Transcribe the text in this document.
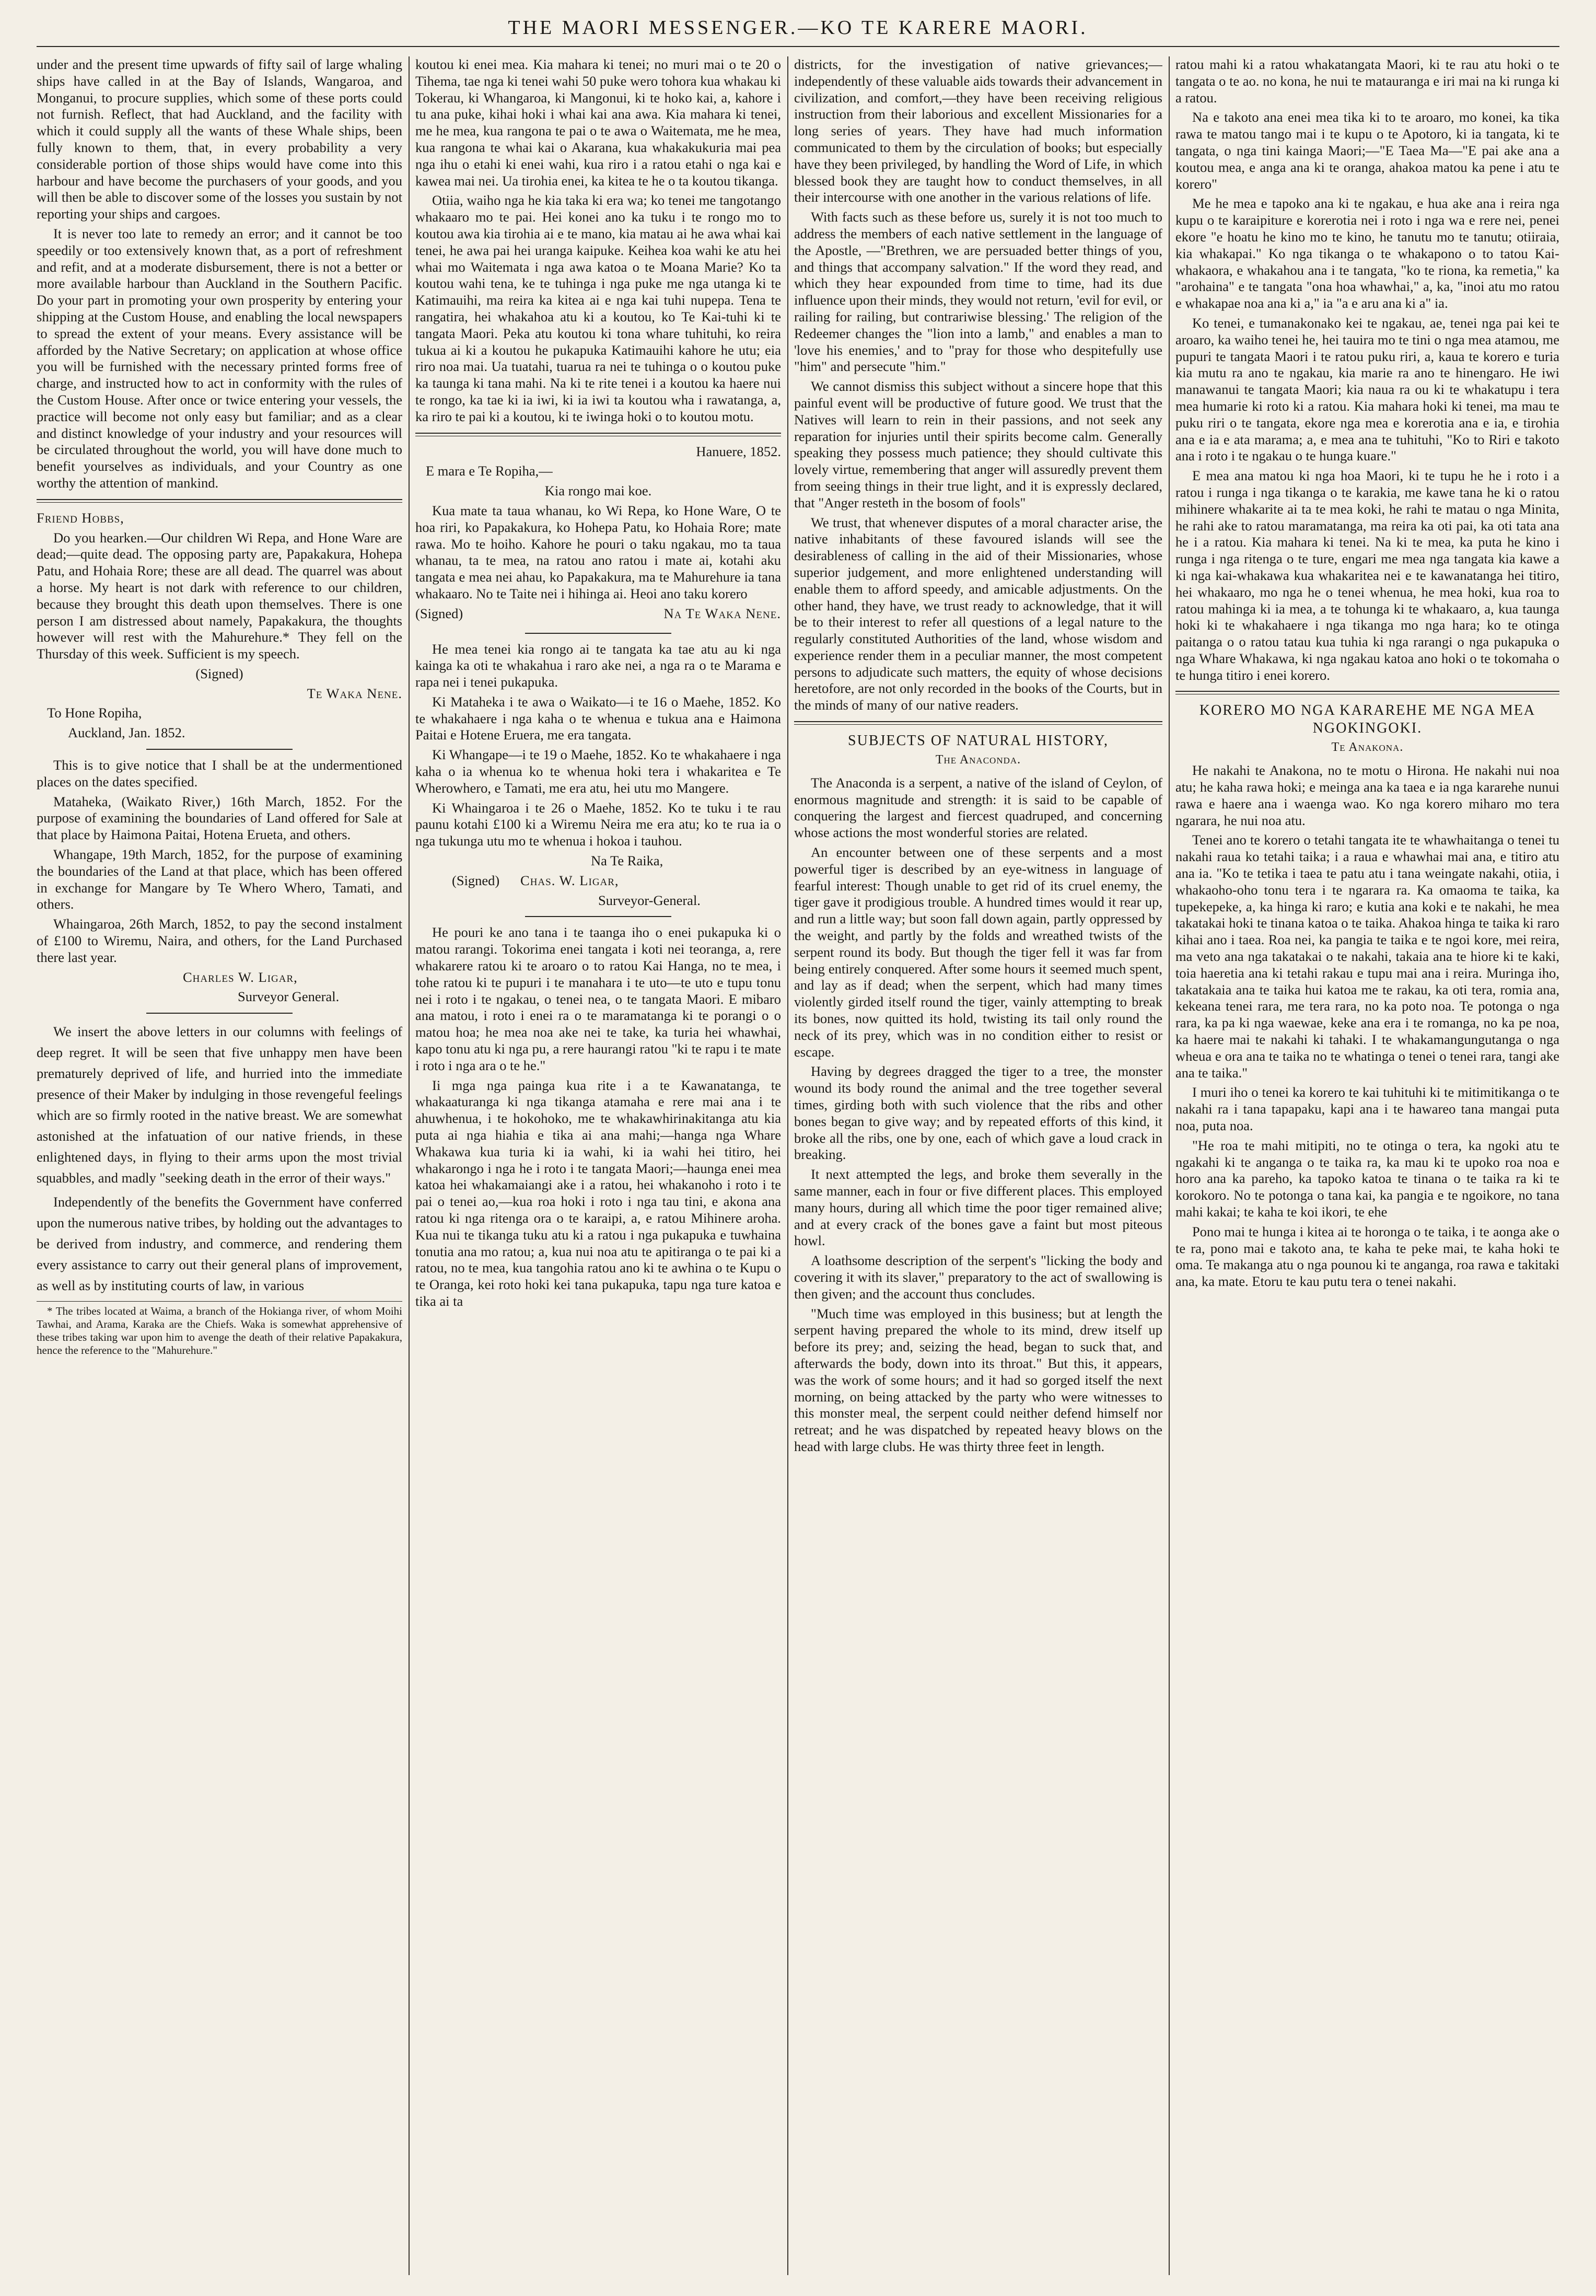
THE MAORI MESSENGER.—KO TE KARERE MAORI.

under and the present time upwards of fifty sail of large whaling ships have called in at the Bay of Islands, Wangaroa, and Monganui, to procure supplies, which some of these ports could not furnish. Reflect, that had Auckland, and the facility with which it could supply all the wants of these Whale ships, been fully known to them, that, in every probability a very considerable portion of those ships would have come into this harbour and have become the purchasers of your goods, and you will then be able to discover some of the losses you sustain by not reporting your ships and cargoes.

It is never too late to remedy an error; and it cannot be too speedily or too extensively known that, as a port of refreshment and refit, and at a moderate disbursement, there is not a better or more available harbour than Auckland in the Southern Pacific. Do your part in promoting your own prosperity by entering your shipping at the Custom House, and enabling the local newspapers to spread the extent of your means. Every assistance will be afforded by the Native Secretary; on application at whose office you will be furnished with the necessary printed forms free of charge, and instructed how to act in conformity with the rules of the Custom House. After once or twice entering your vessels, the practice will become not only easy but familiar; and as a clear and distinct knowledge of your industry and your resources will be circulated throughout the world, you will have done much to benefit yourselves as individuals, and your Country as one worthy the attention of mankind.

Friend Hobbs,

Do you hearken.—Our children Wi Repa, and Hone Ware are dead;—quite dead. The opposing party are, Papakakura, Hohepa Patu, and Hohaia Rore; these are all dead. The quarrel was about a horse. My heart is not dark with reference to our children, because they brought this death upon themselves. There is one person I am distressed about namely, Papakakura, the thoughts however will rest with the Mahurehure.* They fell on the Thursday of this week. Sufficient is my speech.

(Signed)

Te Waka Nene.

To Hone Ropiha,

Auckland, Jan. 1852.

This is to give notice that I shall be at the undermentioned places on the dates specified.

Mataheka, (Waikato River,) 16th March, 1852. For the purpose of examining the boundaries of Land offered for Sale at that place by Haimona Paitai, Hotena Erueta, and others.

Whangape, 19th March, 1852, for the purpose of examining the boundaries of the Land at that place, which has been offered in exchange for Mangare by Te Whero Whero, Tamati, and others.

Whaingaroa, 26th March, 1852, to pay the second instalment of £100 to Wiremu, Naira, and others, for the Land Purchased there last year.

Charles W. Ligar,

Surveyor General.

We insert the above letters in our columns with feelings of deep regret. It will be seen that five unhappy men have been prematurely deprived of life, and hurried into the immediate presence of their Maker by indulging in those revengeful feelings which are so firmly rooted in the native breast. We are somewhat astonished at the infatuation of our native friends, in these enlightened days, in flying to their arms upon the most trivial squabbles, and madly "seeking death in the error of their ways."

Independently of the benefits the Government have conferred upon the numerous native tribes, by holding out the advantages to be derived from industry, and commerce, and rendering them every assistance to carry out their general plans of improvement, as well as by instituting courts of law, in various

* The tribes located at Waima, a branch of the Hokianga river, of whom Moihi Tawhai, and Arama, Karaka are the Chiefs. Waka is somewhat apprehensive of these tribes taking war upon him to avenge the death of their relative Papakakura, hence the reference to the "Mahurehure."

koutou ki enei mea. Kia mahara ki tenei; no muri mai o te 20 o Tihema, tae nga ki tenei wahi 50 puke wero tohora kua whakau ki Tokerau, ki Whangaroa, ki Mangonui, ki te hoko kai, a, kahore i tu ana puke, kihai hoki i whai kai ana awa. Kia mahara ki tenei, me he mea, kua rangona te pai o te awa o Waitemata, me he mea, kua rangona te whai kai o Akarana, kua whakakukuria mai pea nga ihu o etahi ki enei wahi, kua riro i a ratou etahi o nga kai e kawea mai nei. Ua tirohia enei, ka kitea te he o ta koutou tikanga.

Otiia, waiho nga he kia taka ki era wa; ko tenei me tangotango whakaaro mo te pai. Hei konei ano ka tuku i te rongo mo to koutou awa kia tirohia ai e te mano, kia matau ai he awa whai kai tenei, he awa pai hei uranga kaipuke. Keihea koa wahi ke atu hei whai mo Waitemata i nga awa katoa o te Moana Marie? Ko ta koutou wahi tena, ke te tuhinga i nga puke me nga utanga ki te Katimauihi, ma reira ka kitea ai e nga kai tuhi nupepa. Tena te rangatira, hei whakahoa atu ki a koutou, ko Te Kai-tuhi ki te tangata Maori. Peka atu koutou ki tona whare tuhituhi, ko reira tukua ai ki a koutou he pukapuka Katimauihi kahore he utu; eia riro noa mai. Ua tuatahi, tuarua ra nei te tuhinga o o koutou puke ka taunga ki tana mahi. Na ki te rite tenei i a koutou ka haere nui te rongo, ka tae ki ia iwi, ki ia iwi ta koutou wha i rawatanga, a, ka riro te pai ki a koutou, ki te iwinga hoki o to koutou motu.

Hanuere, 1852.

E mara e Te Ropiha,—

Kia rongo mai koe.

Kua mate ta taua whanau, ko Wi Repa, ko Hone Ware, O te hoa riri, ko Papakakura, ko Hohepa Patu, ko Hohaia Rore; mate rawa. Mo te hoiho. Kahore he pouri o taku ngakau, mo ta taua whanau, ta te mea, na ratou ano ratou i mate ai, kotahi aku tangata e mea nei ahau, ko Papakakura, ma te Mahurehure ia tana whakaaro. No te Taite nei i hihinga ai. Heoi ano taku korero

(Signed)	Na Te Waka Nene.

He mea tenei kia rongo ai te tangata ka tae atu au ki nga kainga ka oti te whakahua i raro ake nei, a nga ra o te Marama e rapa nei i tenei pukapuka.

Ki Mataheka i te awa o Waikato—i te 16 o Maehe, 1852. Ko te whakahaere i nga kaha o te whenua e tukua ana e Haimona Paitai e Hotene Eruera, me era tangata.

Ki Whangape—i te 19 o Maehe, 1852. Ko te whakahaere i nga kaha o ia whenua ko te whenua hoki tera i whakaritea e Te Wherowhero, e Tamati, me era atu, hei utu mo Mangere.

Ki Whaingaroa i te 26 o Maehe, 1852. Ko te tuku i te rau paunu kotahi £100 ki a Wiremu Neira me era atu; ko te rua ia o nga tukunga utu mo te whenua i hokoa i tauhou.

Na Te Raika,

(Signed) Chas. W. Ligar,

Surveyor-General.

He pouri ke ano tana i te taanga iho o enei pukapuka ki o matou rarangi. Tokorima enei tangata i koti nei teoranga, a, rere whakarere ratou ki te aroaro o to ratou Kai Hanga, no te mea, i tohe ratou ki te pupuri i te manahara i te uto—te uto e tupu tonu nei i roto i te ngakau, o tenei nea, o te tangata Maori. E mibaro ana matou, i roto i enei ra o te maramatanga ki te porangi o o matou hoa; he mea noa ake nei te take, ka turia hei whawhai, kapo tonu atu ki nga pu, a rere haurangi ratou "ki te rapu i te mate i roto i nga ara o te he."

Ii mga nga painga kua rite i a te Kawanatanga, te whakaaturanga ki nga tikanga atamaha e rere mai ana i te ahuwhenua, i te hokohoko, me te whakawhirinakitanga atu kia puta ai nga hiahia e tika ai ana mahi;—hanga nga Whare Whakawa kua turia ki ia wahi, ki ia wahi hei titiro, hei whakarongo i nga he i roto i te tangata Maori;—haunga enei mea katoa hei whakamaiangi ake i a ratou, hei whakanoho i roto i te pai o tenei ao,—kua roa hoki i roto i nga tau tini, e akona ana ratou ki nga ritenga ora o te karaipi, a, e ratou Mihinere aroha. Kua nui te tikanga tuku atu ki a ratou i nga pukapuka e tuwhaina tonutia ana mo ratou; a, kua nui noa atu te apitiranga o te pai ki a ratou, no te mea, kua tangohia ratou ano ki te awhina o te Kupu o te Oranga, kei roto hoki kei tana pukapuka, tapu nga ture katoa e tika ai ta

districts, for the investigation of native grievances;—independently of these valuable aids towards their advancement in civilization, and comfort,—they have been receiving religious instruction from their laborious and excellent Missionaries for a long series of years. They have had much information communicated to them by the circulation of books; but especially have they been privileged, by handling the Word of Life, in which blessed book they are taught how to conduct themselves, in all their intercourse with one another in the various relations of life.

With facts such as these before us, surely it is not too much to address the members of each native settlement in the language of the Apostle, —"Brethren, we are persuaded better things of you, and things that accompany salvation." If the word they read, and which they hear expounded from time to time, had its due influence upon their minds, they would not return, 'evil for evil, or railing for railing, but contrariwise blessing.' The religion of the Redeemer changes the "lion into a lamb," and enables a man to 'love his enemies,' and to "pray for those who despitefully use "him" and persecute "him."

We cannot dismiss this subject without a sincere hope that this painful event will be productive of future good. We trust that the Natives will learn to rein in their passions, and not seek any reparation for injuries until their spirits become calm. Generally speaking they possess much patience; they should cultivate this lovely virtue, remembering that anger will assuredly prevent them from seeing things in their true light, and it is expressly declared, that "Anger resteth in the bosom of fools"

We trust, that whenever disputes of a moral character arise, the native inhabitants of these favoured islands will see the desirableness of calling in the aid of their Missionaries, whose superior judgement, and more enlightened understanding will enable them to afford speedy, and amicable adjustments. On the other hand, they have, we trust ready to acknowledge, that it will be to their interest to refer all questions of a legal nature to the regularly constituted Authorities of the land, whose wisdom and experience render them in a peculiar manner, the most competent persons to adjudicate such matters, the equity of whose decisions heretofore, are not only recorded in the books of the Courts, but in the minds of many of our native readers.

SUBJECTS OF NATURAL HISTORY,
The Anaconda.

The Anaconda is a serpent, a native of the island of Ceylon, of enormous magnitude and strength: it is said to be capable of conquering the largest and fiercest quadruped, and concerning whose actions the most wonderful stories are related.

An encounter between one of these serpents and a most powerful tiger is described by an eye-witness in language of fearful interest: Though unable to get rid of its cruel enemy, the tiger gave it prodigious trouble. A hundred times would it rear up, and run a little way; but soon fall down again, partly oppressed by the weight, and partly by the folds and wreathed twists of the serpent round its body. But though the tiger fell it was far from being entirely conquered. After some hours it seemed much spent, and lay as if dead; when the serpent, which had many times violently girded itself round the tiger, vainly attempting to break its bones, now quitted its hold, twisting its tail only round the neck of its prey, which was in no condition either to resist or escape.

Having by degrees dragged the tiger to a tree, the monster wound its body round the animal and the tree together several times, girding both with such violence that the ribs and other bones began to give way; and by repeated efforts of this kind, it broke all the ribs, one by one, each of which gave a loud crack in breaking.

It next attempted the legs, and broke them severally in the same manner, each in four or five different places. This employed many hours, during all which time the poor tiger remained alive; and at every crack of the bones gave a faint but most piteous howl.

A loathsome description of the serpent's "licking the body and covering it with its slaver," preparatory to the act of swallowing is then given; and the account thus concludes.

"Much time was employed in this business; but at length the serpent having prepared the whole to its mind, drew itself up before its prey; and, seizing the head, began to suck that, and afterwards the body, down into its throat." But this, it appears, was the work of some hours; and it had so gorged itself the next morning, on being attacked by the party who were witnesses to this monster meal, the serpent could neither defend himself nor retreat; and he was dispatched by repeated heavy blows on the head with large clubs. He was thirty three feet in length.

ratou mahi ki a ratou whakatangata Maori, ki te rau atu hoki o te tangata o te ao. no kona, he nui te matauranga e iri mai na ki runga ki a ratou.

Na e takoto ana enei mea tika ki to te aroaro, mo konei, ka tika rawa te matou tango mai i te kupu o te Apotoro, ki ia tangata, ki te tangata, o nga tini kainga Maori;—"E Taea Ma—"E pai ake ana a koutou mea, e anga ana ki te oranga, ahakoa matou ka pene i atu te korero"

Me he mea e tapoko ana ki te ngakau, e hua ake ana i reira nga kupu o te karaipiture e korerotia nei i roto i nga wa e rere nei, penei ekore "e hoatu he kino mo te kino, he tanutu mo te tanutu; otiiraia, kia whakapai." Ko nga tikanga o te whakapono o to tatou Kai-whakaora, e whakahou ana i te tangata, "ko te riona, ka remetia," ka "arohaina" e te tangata "ona hoa whawhai," a, ka, "inoi atu mo ratou e whakapae noa ana ki a," ia "a e aru ana ki a" ia.

Ko tenei, e tumanakonako kei te ngakau, ae, tenei nga pai kei te aroaro, ka waiho tenei he, hei tauira mo te tini o nga mea atamou, me pupuri te tangata Maori i te ratou puku riri, a, kaua te korero e turia kia mutu ra ano te ngakau, kia marie ra ano te hinengaro. He iwi manawanui te tangata Maori; kia naua ra ou ki te whakatupu i tera mea humarie ki roto ki a ratou. Kia mahara hoki ki tenei, ma mau te puku riri o te tangata, ekore nga mea e korerotia ana e ia, e tirohia ana e ia e ata marama; a, e mea ana te tuhituhi, "Ko to Riri e takoto ana i roto i te ngakau o te hunga kuare."

E mea ana matou ki nga hoa Maori, ki te tupu he he i roto i a ratou i runga i nga tikanga o te karakia, me kawe tana he ki o ratou mihinere whakarite ai ta te mea koki, he rahi te matau o nga Minita, he rahi ake to ratou maramatanga, ma reira ka oti pai, ka oti tata ana he i a ratou. Kia mahara ki tenei. Na ki te mea, ka puta he kino i runga i nga ritenga o te ture, engari me mea nga tangata kia kawe a ki nga kai-whakawa kua whakaritea nei e te kawanatanga hei titiro, hei whakaaro, mo nga he o tenei whenua, he mea hoki, kua roa to ratou mahinga ki ia mea, a te tohunga ki te whakaaro, a, kua taunga hoki ki te whakahaere i nga tikanga mo nga hara; ko te otinga paitanga o o ratou tatau kua tuhia ki nga rarangi o nga pukapuka o nga Whare Whakawa, ki nga ngakau katoa ano hoki o te tokomaha o te hunga titiro i enei korero.

KORERO MO NGA KARAREHE ME NGA MEA NGOKINGOKI.
Te Anakona.

He nakahi te Anakona, no te motu o Hirona. He nakahi nui noa atu; he kaha rawa hoki; e meinga ana ka taea e ia nga kararehe nunui rawa e haere ana i waenga wao. Ko nga korero miharo mo tera ngarara, he nui noa atu.

Tenei ano te korero o tetahi tangata ite te whawhaitanga o tenei tu nakahi raua ko tetahi taika; i a raua e whawhai mai ana, e titiro atu ana ia. "Ko te tetika i taea te patu atu i tana weingate nakahi, otiia, i whakaoho-oho tonu tera i te ngarara ra. Ka omaoma te taika, ka tupekepeke, a, ka hinga ki raro; e kutia ana koki e te nakahi, he mea takatakai hoki te tinana katoa o te taika. Ahakoa hinga te taika ki raro kihai ano i taea. Roa nei, ka pangia te taika e te ngoi kore, mei reira, ma veto ana nga takatakai o te nakahi, takaia ana te hiore ki te kaki, toia haeretia ana ki tetahi rakau e tupu mai ana i reira. Muringa iho, takatakaia ana te taika hui katoa me te rakau, ka oti tera, romia ana, kekeana tenei rara, me tera rara, no ka poto noa. Te potonga o nga rara, ka pa ki nga waewae, keke ana era i te romanga, no ka pe noa, ka haere mai te nakahi ki tahaki. I te whakamangungutanga o nga wheua e ora ana te taika no te whatinga o tenei o tenei rara, tangi ake ana te taika."

I muri iho o tenei ka korero te kai tuhituhi ki te mitimitikanga o te nakahi ra i tana tapapaku, kapi ana i te hawareo tana mangai puta noa, puta noa.

"He roa te mahi mitipiti, no te otinga o tera, ka ngoki atu te ngakahi ki te anganga o te taika ra, ka mau ki te upoko roa noa e horo ana ka pareho, ka tapoko katoa te tinana o te taika ra ki te korokoro. No te potonga o tana kai, ka pangia e te ngoikore, no tana mahi kakai; te kaha te koi ikori, te ehe

Pono mai te hunga i kitea ai te horonga o te taika, i te aonga ake o te ra, pono mai e takoto ana, te kaha te peke mai, te kaha hoki te oma. Te makanga atu o nga pounou ki te anganga, roa rawa e takitaki ana, ka mate. Etoru te kau putu tera o tenei nakahi.
